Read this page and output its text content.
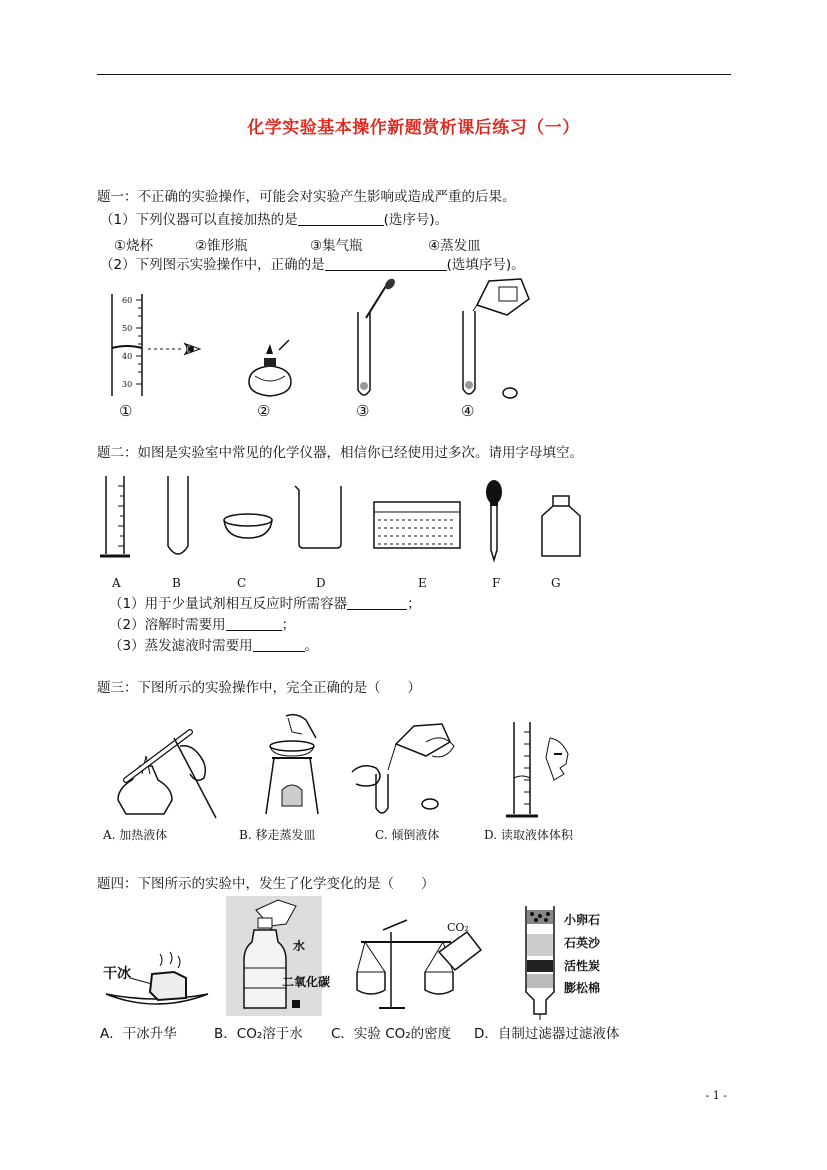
化学实验基本操作新题赏析课后练习（一）
题一：不正确的实验操作，可能会对实验产生影响或造成严重的后果。
（1）下列仪器可以直接加热的是	(选序号)。
①烧杯	②锥形瓶	③集气瓶	④蒸发皿
（2）下列图示实验操作中，正确的是	(选填序号)。
60
50
40
30
①	②	③	④
题二：如图是实验室中常见的化学仪器，相信你已经使用过多次。请用字母填空。
A	B	C	D	E	F	G
（1）用于少量试剂相互反应时所需容器	；
（2）溶解时需要用	；
（3）蒸发滤液时需要用	。
题三：下图所示的实验操作中，完全正确的是（　　）
A. 加热液体	B. 移走蒸发皿	C. 倾倒液体	D. 读取液体体积
题四：下图所示的实验中，发生了化学变化的是（　　）
干冰
水
二氧化碳
CO₂
小卵石
石英沙
活性炭
膨松棉
A．干冰升华	B．CO₂溶于水 C．实验 CO₂的密度 D．自制过滤器过滤液体
- 1 -
